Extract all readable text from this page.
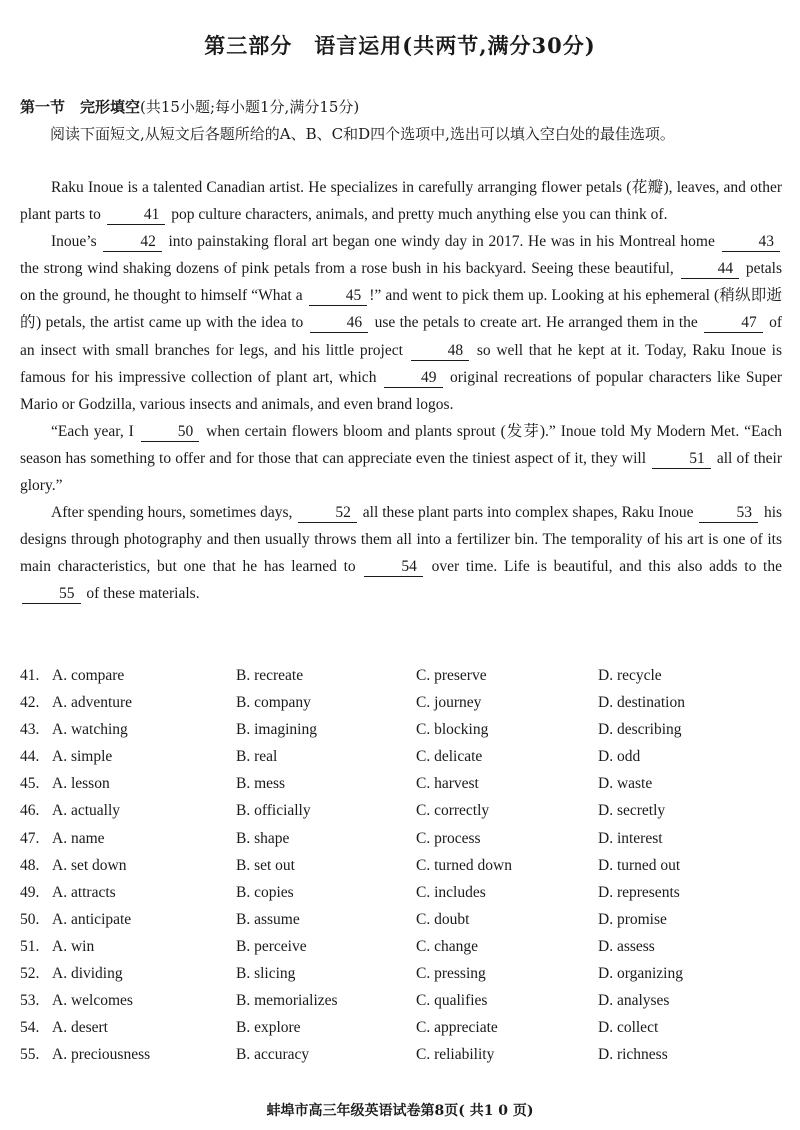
第三部分　语言运用(共两节,满分30分)
第一节　完形填空(共15小题;每小题1分,满分15分)

阅读下面短文,从短文后各题所给的A、B、C和D四个选项中,选出可以填入空白处的最佳选项。

Raku Inoue is a talented Canadian artist. He specializes in carefully arranging flower petals (花瓣), leaves, and other plant parts to	41 pop culture characters, animals, and pretty much anything else you can think of.

Inoue’s	42 into painstaking floral art began one windy day in 2017. He was in his Montreal home	43 the strong wind shaking dozens of pink petals from a rose bush in his backyard. Seeing these beautiful,	44 petals on the ground, he thought to himself “What a	45 !” and went to pick them up. Looking at his ephemeral (稍纵即逝的) petals, the artist came up with the idea to	46 use the petals to create art. He arranged them in the	47 of an insect with small branches for legs, and his little project	48 so well that he kept at it. Today, Raku Inoue is famous for his impressive collection of plant art, which	49 original recreations of popular characters like Super Mario or Godzilla, various insects and animals, and even brand logos.

“Each year, I	50 when certain flowers bloom and plants sprout (发芽).” Inoue told My Modern Met. “Each season has something to offer and for those that can appreciate even the tiniest aspect of it, they will	51 all of their glory.”

After spending hours, sometimes days,	52 all these plant parts into complex shapes, Raku Inoue	53 his designs through photography and then usually throws them all into a fertilizer bin. The temporality of his art is one of its main characteristics, but one that he has learned to	54 over time. Life is beautiful, and this also adds to the 55 of these materials.

41. A. compare	B. recreate	C. preserve	D. recycle
42. A. adventure	B. company	C. journey	D. destination
43. A. watching	B. imagining	C. blocking	D. describing
44. A. simple	B. real	C. delicate	D. odd
45. A. lesson	B. mess	C. harvest	D. waste
46. A. actually	B. officially	C. correctly	D. secretly
47. A. name	B. shape	C. process	D. interest
48. A. set down	B. set out	C. turned down	D. turned out
49. A. attracts	B. copies	C. includes	D. represents
50. A. anticipate	B. assume	C. doubt	D. promise
51. A. win	B. perceive	C. change	D. assess
52. A. dividing	B. slicing	C. pressing	D. organizing
53. A. welcomes	B. memorializes	C. qualifies	D. analyses
54. A. desert	B. explore	C. appreciate	D. collect
55. A. preciousness	B. accuracy	C. reliability	D. richness
蚌埠市高三年级英语试卷第8页( 共1 0 页)
